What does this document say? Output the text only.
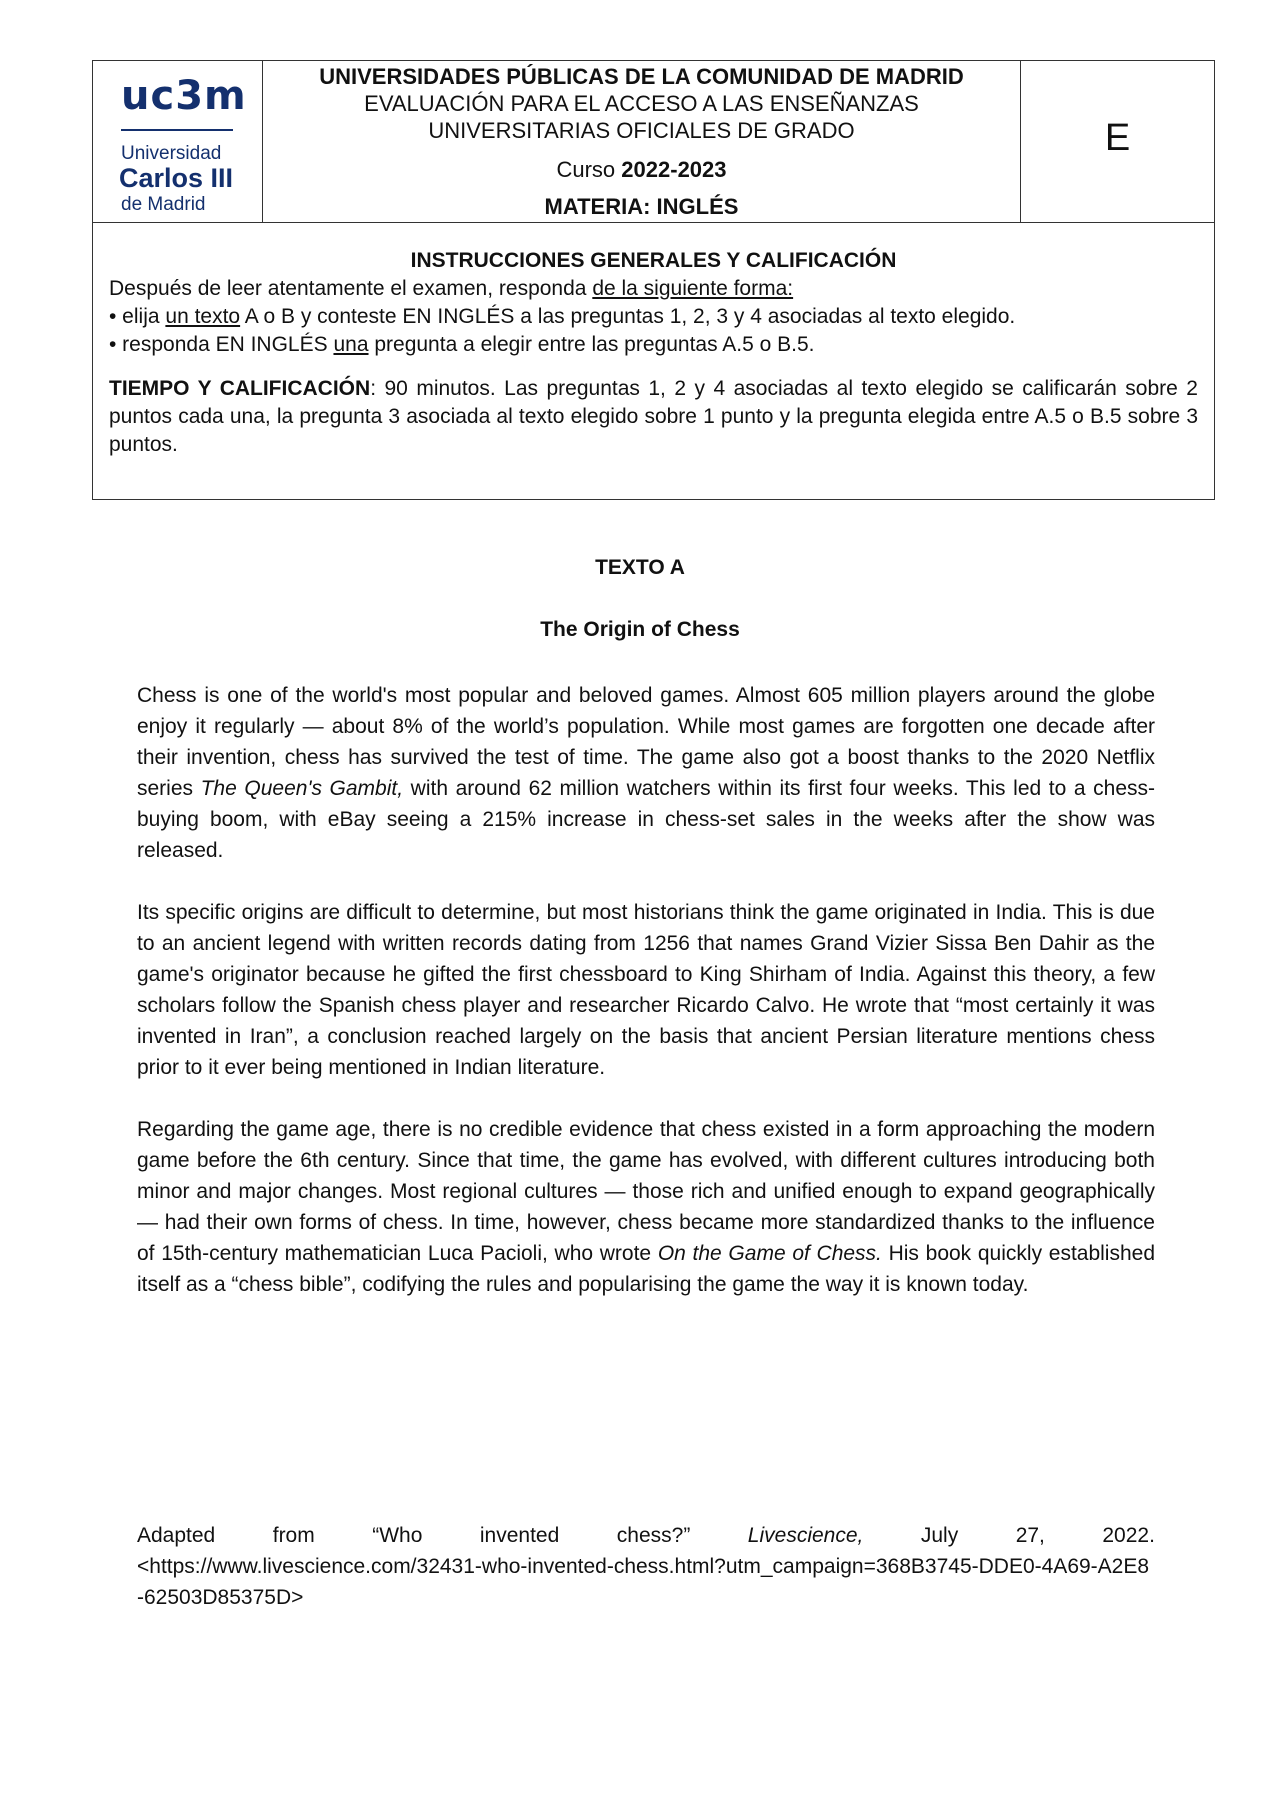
uc3m
Universidad
Carlos III
de Madrid
UNIVERSIDADES PÚBLICAS DE LA COMUNIDAD DE MADRID
EVALUACIÓN PARA EL ACCESO A LAS ENSEÑANZAS
UNIVERSITARIAS OFICIALES DE GRADO
Curso 2022-2023
MATERIA: INGLÉS
E
INSTRUCCIONES GENERALES Y CALIFICACIÓN
Después de leer atentamente el examen, responda de la siguiente forma:
• elija un texto A o B y conteste EN INGLÉS a las preguntas 1, 2, 3 y 4 asociadas al texto elegido.
• responda EN INGLÉS una pregunta a elegir entre las preguntas A.5 o B.5.
TIEMPO Y CALIFICACIÓN: 90 minutos. Las preguntas 1, 2 y 4 asociadas al texto elegido se calificarán sobre 2 puntos cada una, la pregunta 3 asociada al texto elegido sobre 1 punto y la pregunta elegida entre A.5 o B.5 sobre 3 puntos.
TEXTO A
The Origin of Chess

Chess is one of the world's most popular and beloved games. Almost 605 million players around the globe enjoy it regularly — about 8% of the world’s population. While most games are forgotten one decade after their invention, chess has survived the test of time. The game also got a boost thanks to the 2020 Netflix series The Queen's Gambit, with around 62 million watchers within its first four weeks. This led to a chess-buying boom, with eBay seeing a 215% increase in chess-set sales in the weeks after the show was released.

Its specific origins are difficult to determine, but most historians think the game originated in India. This is due to an ancient legend with written records dating from 1256 that names Grand Vizier Sissa Ben Dahir as the game's originator because he gifted the first chessboard to King Shirham of India. Against this theory, a few scholars follow the Spanish chess player and researcher Ricardo Calvo. He wrote that “most certainly it was invented in Iran”, a conclusion reached largely on the basis that ancient Persian literature mentions chess prior to it ever being mentioned in Indian literature.

Regarding the game age, there is no credible evidence that chess existed in a form approaching the modern game before the 6th century. Since that time, the game has evolved, with different cultures introducing both minor and major changes. Most regional cultures — those rich and unified enough to expand geographically — had their own forms of chess. In time, however, chess became more standardized thanks to the influence of 15th-century mathematician Luca Pacioli, who wrote On the Game of Chess. His book quickly established itself as a “chess bible”, codifying the rules and popularising the game the way it is known today.

Adapted	from	“Who	invented	chess?”	Livescience,	July	27,	2022.
<https://www.livescience.com/32431-who-invented-chess.html?utm_campaign=368B3745-DDE0-4A69-A2E8-62503D85375D>
